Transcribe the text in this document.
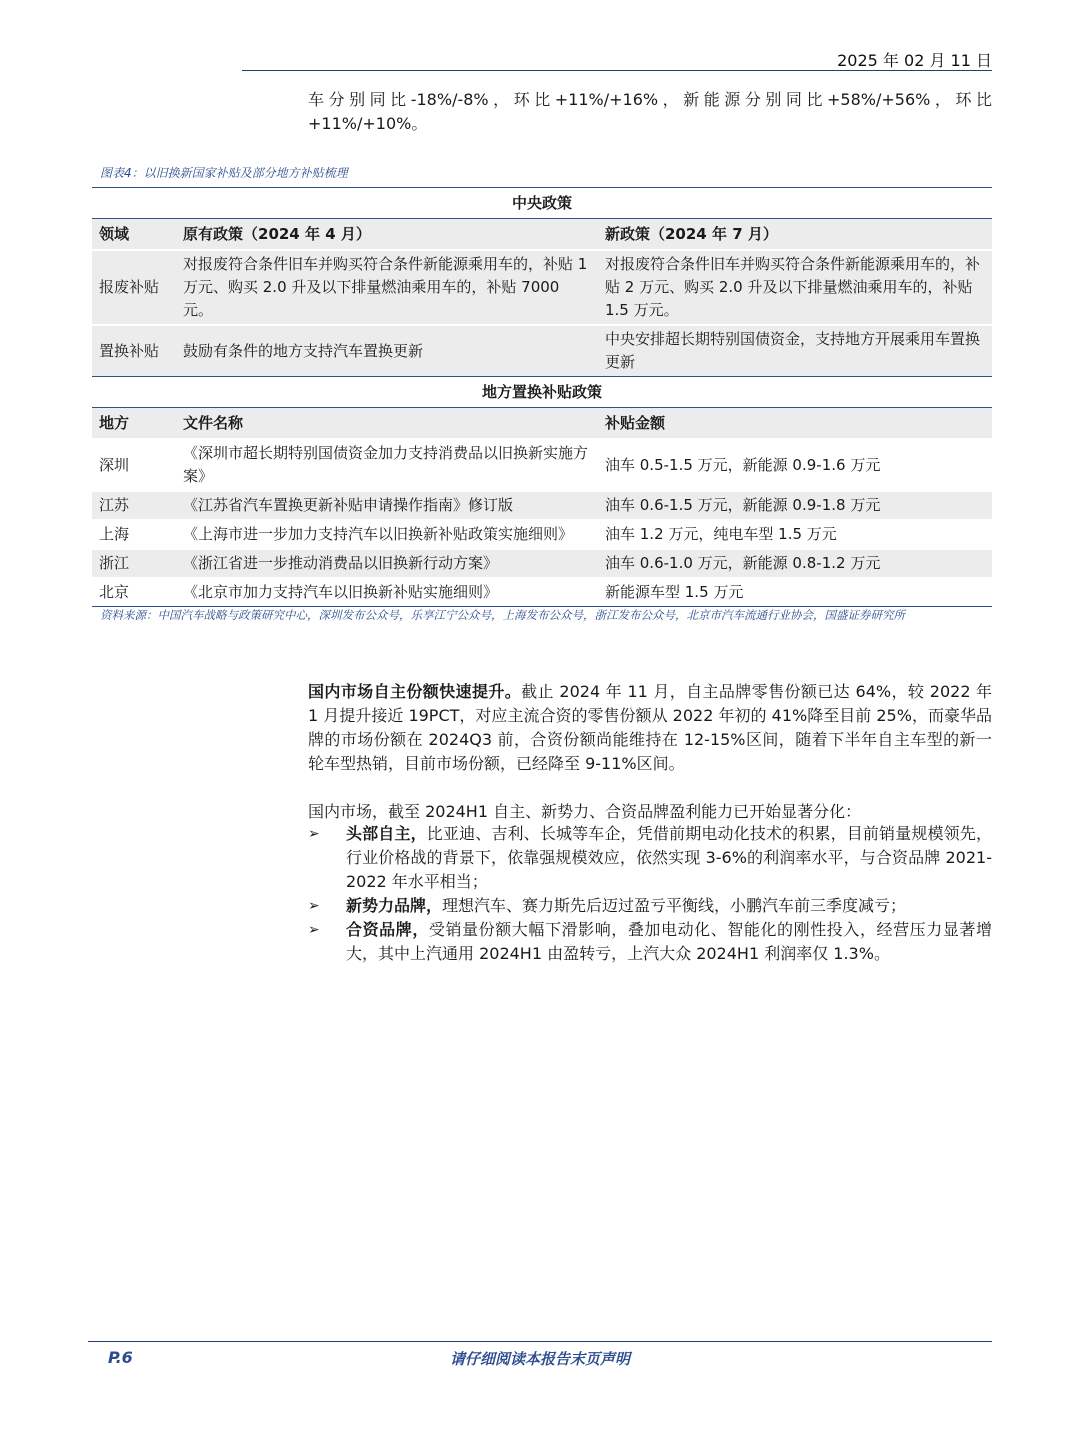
2025 年 02 月 11 日
车分别同比-18%/-8%，环比+11%/+16%，新能源分别同比+58%/+56%，环比+11%/+10%。
图表4：以旧换新国家补贴及部分地方补贴梳理
中央政策		
领域	原有政策（2024 年 4 月）	新政策（2024 年 7 月）
报废补贴	对报废符合条件旧车并购买符合条件新能源乘用车的，补贴 1 万元、购买 2.0 升及以下排量燃油乘用车的，补贴 7000 元。	对报废符合条件旧车并购买符合条件新能源乘用车的，补贴 2 万元、购买 2.0 升及以下排量燃油乘用车的，补贴 1.5 万元。
置换补贴	鼓励有条件的地方支持汽车置换更新	中央安排超长期特别国债资金，支持地方开展乘用车置换更新
地方置换补贴政策		
地方	文件名称	补贴金额
深圳	《深圳市超长期特别国债资金加力支持消费品以旧换新实施方案》	油车 0.5-1.5 万元，新能源 0.9-1.6 万元
江苏	《江苏省汽车置换更新补贴申请操作指南》修订版	油车 0.6-1.5 万元，新能源 0.9-1.8 万元
上海	《上海市进一步加力支持汽车以旧换新补贴政策实施细则》	油车 1.2 万元，纯电车型 1.5 万元
浙江	《浙江省进一步推动消费品以旧换新行动方案》	油车 0.6-1.0 万元，新能源 0.8-1.2 万元
北京	《北京市加力支持汽车以旧换新补贴实施细则》	新能源车型 1.5 万元
资料来源：中国汽车战略与政策研究中心，深圳发布公众号，乐享江宁公众号，上海发布公众号，浙江发布公众号，北京市汽车流通行业协会，国盛证券研究所
国内市场自主份额快速提升。截止 2024 年 11 月，自主品牌零售份额已达 64%，较 2022 年 1 月提升接近 19PCT，对应主流合资的零售份额从 2022 年初的 41%降至目前 25%，而豪华品牌的市场份额在 2024Q3 前，合资份额尚能维持在 12-15%区间，随着下半年自主车型的新一轮车型热销，目前市场份额，已经降至 9-11%区间。
国内市场，截至 2024H1 自主、新势力、合资品牌盈利能力已开始显著分化：
➢ 头部自主，比亚迪、吉利、长城等车企，凭借前期电动化技术的积累，目前销量规模领先，行业价格战的背景下，依靠强规模效应，依然实现 3-6%的利润率水平，与合资品牌 2021-2022 年水平相当；
➢ 新势力品牌，理想汽车、赛力斯先后迈过盈亏平衡线，小鹏汽车前三季度减亏；
➢ 合资品牌，受销量份额大幅下滑影响，叠加电动化、智能化的刚性投入，经营压力显著增大，其中上汽通用 2024H1 由盈转亏，上汽大众 2024H1 利润率仅 1.3%。
P.6	请仔细阅读本报告末页声明
